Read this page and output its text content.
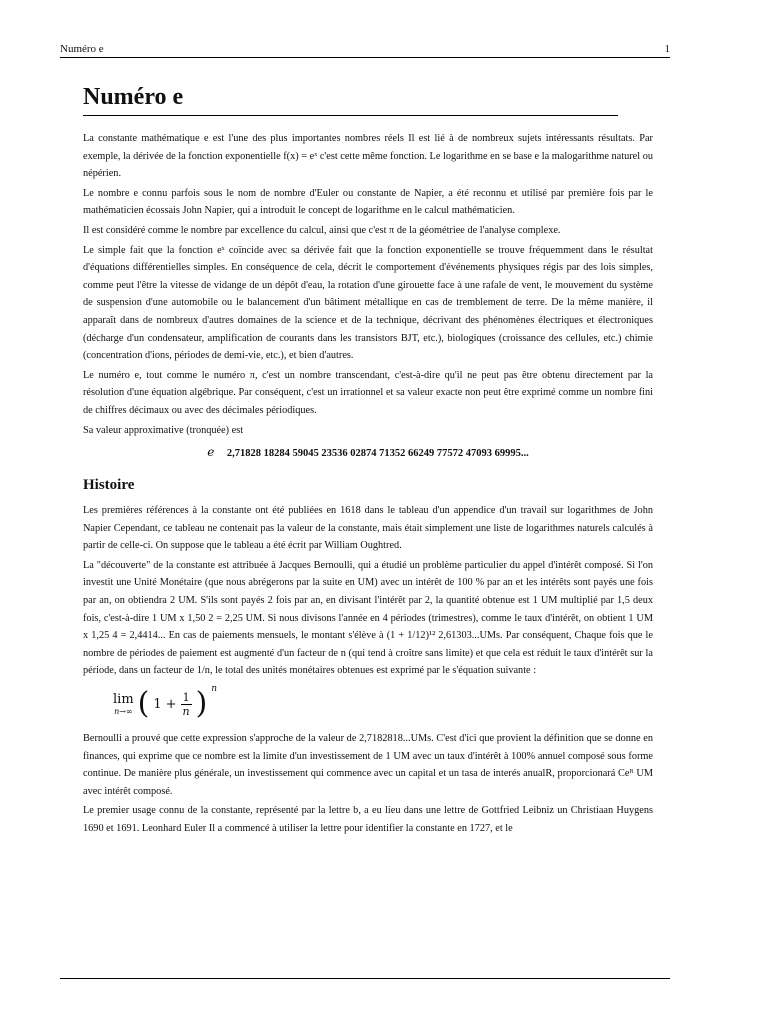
Numéro e	1
Numéro e

La constante mathématique e est l'une des plus importantes nombres réels Il est lié à de nombreux sujets intéressants résultats. Par exemple, la dérivée de la fonction exponentielle f(x) = eˣ c'est cette même fonction. Le logarithme en se base e la malogarithme naturel ou népérien.

Le nombre e connu parfois sous le nom de nombre d'Euler ou constante de Napier, a été reconnu et utilisé par première fois par le mathématicien écossais John Napier, qui a introduit le concept de logarithme en le calcul mathématicien.

Il est considéré comme le nombre par excellence du calcul, ainsi que c'est π de la géométriee de l'analyse complexe.

Le simple fait que la fonction eˣ coïncide avec sa dérivée fait que la fonction exponentielle se trouve fréquemment dans le résultat d'équations différentielles simples. En conséquence de cela, décrit le comportement d'événements physiques régis par des lois simples, comme peut l'être la vitesse de vidange de un dépôt d'eau, la rotation d'une girouette face à une rafale de vent, le mouvement du système de suspension d'une automobile ou le balancement d'un bâtiment métallique en cas de tremblement de terre. De la même manière, il apparaît dans de nombreux d'autres domaines de la science et de la technique, décrivant des phénomènes électriques et électroniques (décharge d'un condensateur, amplification de courants dans les transistors BJT, etc.), biologiques (croissance des cellules, etc.) chimie (concentration d'ions, périodes de demi-vie, etc.), et bien d'autres.

Le numéro e, tout comme le numéro π, c'est un nombre transcendant, c'est-à-dire qu'il ne peut pas être obtenu directement par la résolution d'une équation algébrique. Par conséquent, c'est un irrationnel et sa valeur exacte non peut être exprimé comme un nombre fini de chiffres décimaux ou avec des décimales périodiques.

Sa valeur approximative (tronquée) est

e 2,71828 18284 59045 23536 02874 71352 66249 77572 47093 69995...
Histoire

Les premières références à la constante ont été publiées en 1618 dans le tableau d'un appendice d'un travail sur logarithmes de John Napier Cependant, ce tableau ne contenait pas la valeur de la constante, mais était simplement une liste de logarithmes naturels calculés à partir de celle-ci. On suppose que le tableau a été écrit par William Oughtred.

La "découverte" de la constante est attribuée à Jacques Bernoulli, qui a étudié un problème particulier du appel d'intérêt composé. Si l'on investit une Unité Monétaire (que nous abrégerons par la suite en UM) avec un intérêt de 100 % par an et les intérêts sont payés une fois par an, on obtiendra 2 UM. S'ils sont payés 2 fois par an, en divisant l'intérêt par 2, la quantité obtenue est 1 UM multiplié par 1,5 deux fois, c'est-à-dire 1 UM x 1,50 2 = 2,25 UM. Si nous divisons l'année en 4 périodes (trimestres), comme le taux d'intérêt, on obtient 1 UM x 1,25 4 = 2,4414... En cas de paiements mensuels, le montant s'élève à (1 + 1/12)¹² 2,61303...UMs. Par conséquent, Chaque fois que le nombre de périodes de paiement est augmenté d'un facteur de n (qui tend à croître sans limite) et que cela est réduit le taux d'intérêt sur la période, dans un facteur de 1/n, le total des unités monétaires obtenues est exprimé par le s'équation suivante :

lim
n→∞ ( $1 + \frac{1}{n}$ ) n

Bernoulli a prouvé que cette expression s'approche de la valeur de 2,7182818...UMs. C'est d'ici que provient la définition que se donne en finances, qui exprime que ce nombre est la limite d'un investissement de 1 UM avec un taux d'intérêt à 100% annuel composé sous forme continue. De manière plus générale, un investissement qui commence avec un capital et un tasa de interés anualR, proporcionará Ceᴿ UM avec intérêt composé.

Le premier usage connu de la constante, représenté par la lettre b, a eu lieu dans une lettre de Gottfried Leibniz un Christiaan Huygens 1690 et 1691. Leonhard Euler Il a commencé à utiliser la lettre pour identifier la constante en 1727, et le
